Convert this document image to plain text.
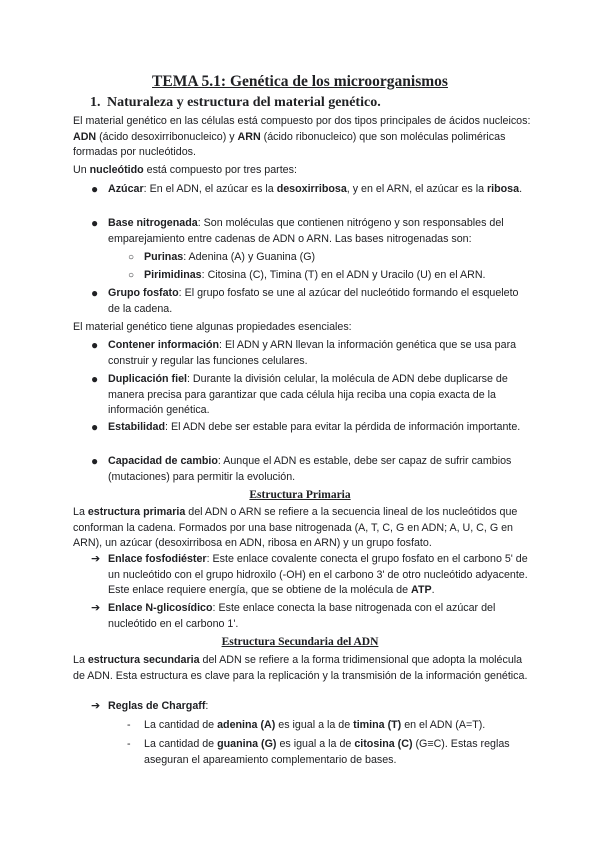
TEMA 5.1: Genética de los microorganismos
1. Naturaleza y estructura del material genético.

El material genético en las células está compuesto por dos tipos principales de ácidos nucleicos: ADN (ácido desoxirribonucleico) y ARN (ácido ribonucleico) que son moléculas poliméricas formadas por nucleótidos.

Un nucleótido está compuesto por tres partes:

● Azúcar: En el ADN, el azúcar es la desoxirribosa, y en el ARN, el azúcar es la ribosa.

● Base nitrogenada: Son moléculas que contienen nitrógeno y son responsables del emparejamiento entre cadenas de ADN o ARN. Las bases nitrogenadas son:

○ Purinas: Adenina (A) y Guanina (G)

○ Pirimidinas: Citosina (C), Timina (T) en el ADN y Uracilo (U) en el ARN.

● Grupo fosfato: El grupo fosfato se une al azúcar del nucleótido formando el esqueleto de la cadena.

El material genético tiene algunas propiedades esenciales:

● Contener información: El ADN y ARN llevan la información genética que se usa para construir y regular las funciones celulares.

● Duplicación fiel: Durante la división celular, la molécula de ADN debe duplicarse de manera precisa para garantizar que cada célula hija reciba una copia exacta de la información genética.

● Estabilidad: El ADN debe ser estable para evitar la pérdida de información importante.

● Capacidad de cambio: Aunque el ADN es estable, debe ser capaz de sufrir cambios (mutaciones) para permitir la evolución.

Estructura Primaria

La estructura primaria del ADN o ARN se refiere a la secuencia lineal de los nucleótidos que conforman la cadena. Formados por una base nitrogenada (A, T, C, G en ADN; A, U, C, G en ARN), un azúcar (desoxirribosa en ADN, ribosa en ARN) y un grupo fosfato.

➔ Enlace fosfodiéster: Este enlace covalente conecta el grupo fosfato en el carbono 5' de un nucleótido con el grupo hidroxilo (-OH) en el carbono 3' de otro nucleótido adyacente. Este enlace requiere energía, que se obtiene de la molécula de ATP.

➔ Enlace N-glicosídico: Este enlace conecta la base nitrogenada con el azúcar del nucleótido en el carbono 1'.

Estructura Secundaria del ADN

La estructura secundaria del ADN se refiere a la forma tridimensional que adopta la molécula de ADN. Esta estructura es clave para la replicación y la transmisión de la información genética.

➔ Reglas de Chargaff:

- La cantidad de adenina (A) es igual a la de timina (T) en el ADN (A=T).

- La cantidad de guanina (G) es igual a la de citosina (C) (G≡C). Estas reglas aseguran el apareamiento complementario de bases.
